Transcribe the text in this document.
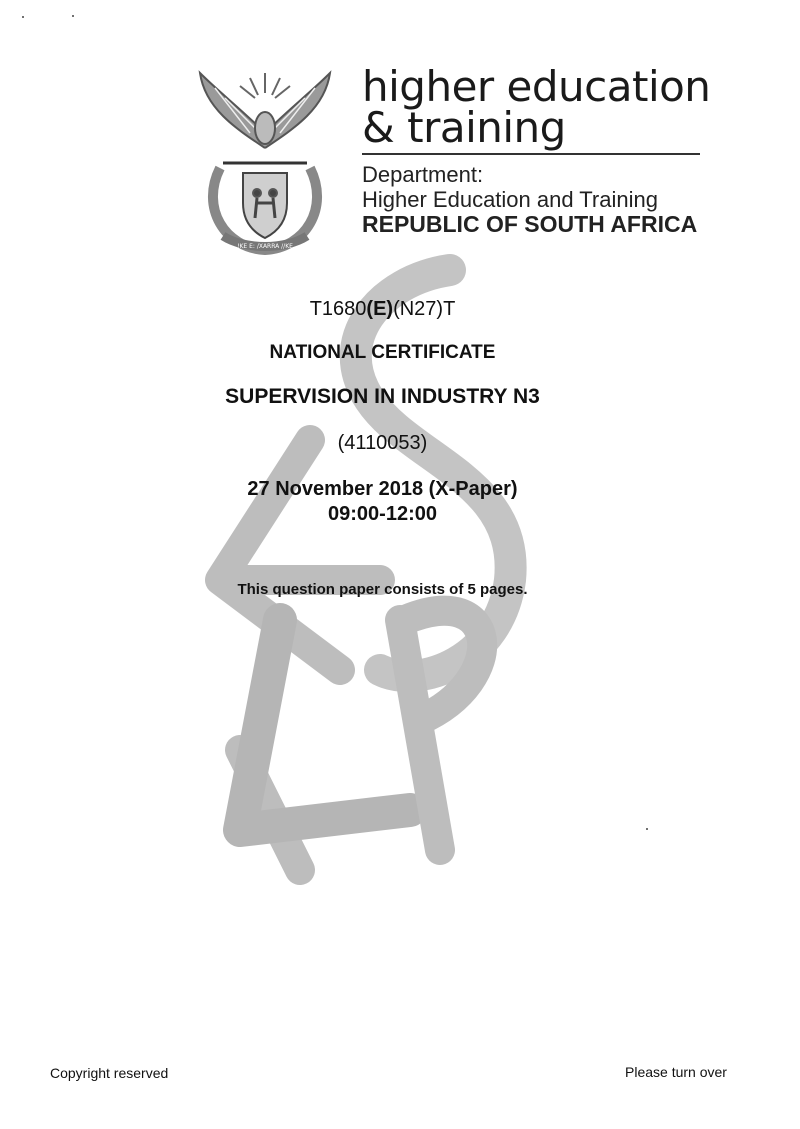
!KE E: /XARRA //KE
higher education
& training
Department:
Higher Education and Training
REPUBLIC OF SOUTH AFRICA
T1680(E)(N27)T
NATIONAL CERTIFICATE
SUPERVISION IN INDUSTRY N3
(4110053)
27 November 2018 (X-Paper)
09:00-12:00
This question paper consists of 5 pages.
Copyright reserved	Please turn over
